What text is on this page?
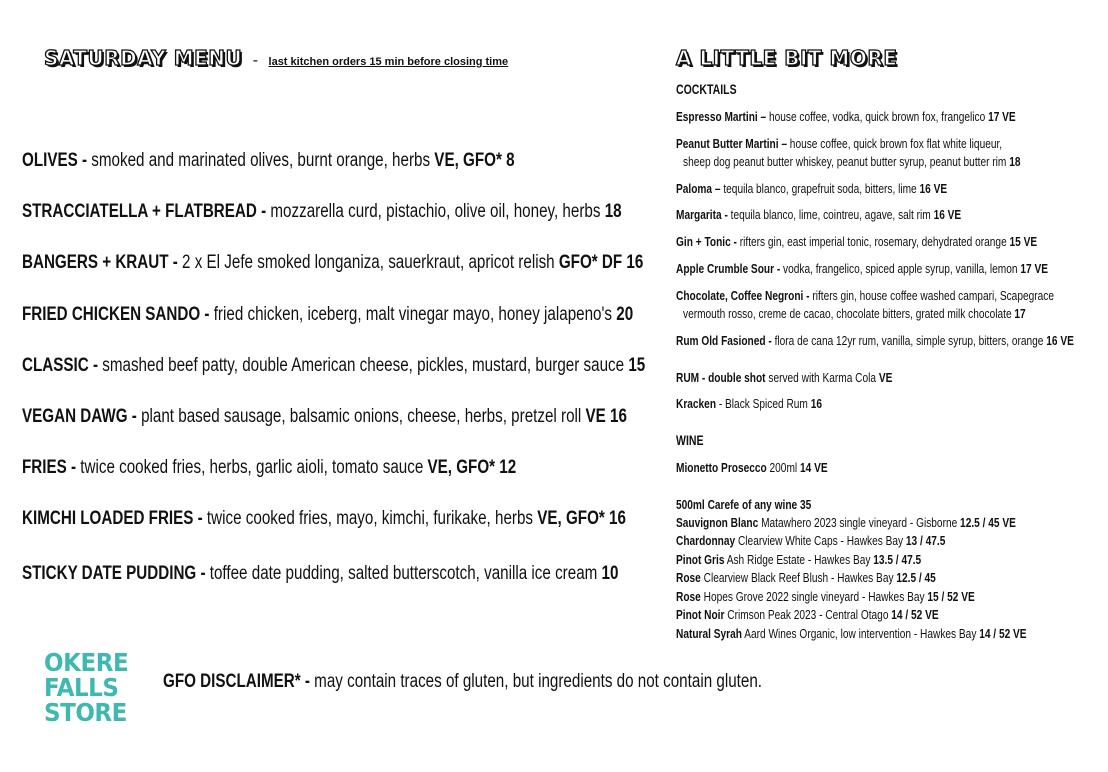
SATURDAY MENU - last kitchen orders 15 min before closing time
OLIVES - smoked and marinated olives, burnt orange, herbs VE, GFO* 8
STRACCIATELLA + FLATBREAD - mozzarella curd, pistachio, olive oil, honey, herbs 18
BANGERS + KRAUT - 2 x El Jefe smoked longaniza, sauerkraut, apricot relish GFO* DF 16
FRIED CHICKEN SANDO - fried chicken, iceberg, malt vinegar mayo, honey jalapeno's 20
CLASSIC - smashed beef patty, double American cheese, pickles, mustard, burger sauce 15
VEGAN DAWG - plant based sausage, balsamic onions, cheese, herbs, pretzel roll VE 16
FRIES - twice cooked fries, herbs, garlic aioli, tomato sauce VE, GFO* 12
KIMCHI LOADED FRIES - twice cooked fries, mayo, kimchi, furikake, herbs VE, GFO* 16
STICKY DATE PUDDING - toffee date pudding, salted butterscotch, vanilla ice cream 10
A LITTLE BIT MORE
COCKTAILS
Espresso Martini – house coffee, vodka, quick brown fox, frangelico 17 VE
Peanut Butter Martini – house coffee, quick brown fox flat white liqueur,
sheep dog peanut butter whiskey, peanut butter syrup, peanut butter rim 18
Paloma – tequila blanco, grapefruit soda, bitters, lime 16 VE
Margarita - tequila blanco, lime, cointreu, agave, salt rim 16 VE
Gin + Tonic - rifters gin, east imperial tonic, rosemary, dehydrated orange 15 VE
Apple Crumble Sour - vodka, frangelico, spiced apple syrup, vanilla, lemon 17 VE
Chocolate, Coffee Negroni - rifters gin, house coffee washed campari, Scapegrace
vermouth rosso, creme de cacao, chocolate bitters, grated milk chocolate 17
Rum Old Fasioned - flora de cana 12yr rum, vanilla, simple syrup, bitters, orange 16 VE
RUM - double shot served with Karma Cola VE
Kracken - Black Spiced Rum 16
WINE
Mionetto Prosecco 200ml 14 VE
500ml Carefe of any wine 35
Sauvignon Blanc Matawhero 2023 single vineyard - Gisborne 12.5 / 45 VE
Chardonnay Clearview White Caps - Hawkes Bay 13 / 47.5
Pinot Gris Ash Ridge Estate - Hawkes Bay 13.5 / 47.5
Rose Clearview Black Reef Blush - Hawkes Bay 12.5 / 45
Rose Hopes Grove 2022 single vineyard - Hawkes Bay 15 / 52 VE
Pinot Noir Crimson Peak 2023 - Central Otago 14 / 52 VE
Natural Syrah Aard Wines Organic, low intervention - Hawkes Bay 14 / 52 VE
OKERE
FALLS
STORE
GFO DISCLAIMER* - may contain traces of gluten, but ingredients do not contain gluten.
